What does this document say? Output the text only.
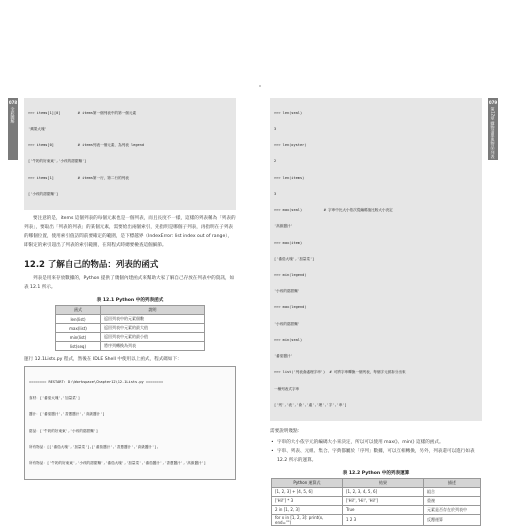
078
全彩圖解

	>>> items[1][0]        # items第一個列表中的第一個元素

'蘋果大塊'

>>> items[0]           # items列表一個元素，為列表 legend

['牛奶的好東東','小孩的甜甜麵']

>>> items[1]           # items第一行，第二行的列表

['小孩的甜甜麵']

要注意的是，items 這個列表的每個元素也是一個列表，而且長度不一樣，這樣的列表稱為「列表的列表」，要取出「列表的列表」的某個元素，需要給出兩個索引，先指明是哪個子列表，再指明在子列表的哪個位置，使用索引值訪問前要確定的範圍，是下標越界（IndexError: list index out of range），即限定的索引超出了列表的索引範圍，在寫程式時總要檢查這個細節。

12.2 了解自己的物品：列表的函式

列表是用來存放數據的，Python 提供了幾個內建函式來幫助大家了解自己存放在列表中的資訊，如表 12.1 所示。

表 12.1 Python 中的列表函式
函式	說明
len(list)	返回列表中的元素個數
max(list)	返回列表中元素的最大值
min(list)	返回列表中元素的最小值
list(seq)	將序列轉換為列表
運行 12.1Lists.py 程式，然後在 IDLE Shell 中使用以上函式，程式碼如下：

======== RESTART: D:\Workspace\Chapter12\12.1Lists.py ========

食材：['番茄大塊','加量菜']

醬汁：['番茄醬汁','香蔥醬汁','高級醬汁']

甜品：['牛奶的好東東','小孩的甜甜麵']

所有物品：[['番茄大塊','加量菜'],['番茄醬汁','香蔥醬汁','高級醬汁'],

所有物品：['牛奶的好東東','小孩的甜甜麵','番茄大塊','加量菜','番茄醬汁','香蔥醬汁','高級醬汁']

079
第12章 購物清單與物品 列表

>>> len(seal)

3

>>> len(oyster)

2

>>> len(items)

3

>>> max(seal)          # 字串中比大小依次從編碼值比較大小決定

'高級醬汁'

>>> max(item)

['番茄大塊','加量菜']

>>> min(legend)

'小孩的甜甜麵'

>>> max(legend)

'小孩的甜甜麵'

>>> min(seal)

'番茄醬汁'

>>> list('列表會處理字串')  # 可將字串轉換一個列表，每個字元被拆分出來

一種列表式字串

['列','表','會','處','理','字','串']

需要說明幾點：
• 字串的大小依字元的編碼大小來決定，所以可以使用 max()、min() 這樣的函式。
• 字串、列表、元組、集合、字典都屬於「序列」數據，可以互相轉換，另外，列表還可以進行如表 12.2 所示的運算。
表 12.2 Python 中的列表運算
Python 運算式	結果	描述
[1, 2, 3] + [4, 5, 6]	[1, 2, 3, 4, 5, 6]	組合
['Hi!'] * 3	['Hi!', 'Hi!', 'Hi!']	重複
2 in [1, 2, 3]	True	元素是否存在於列表中
for x in [1, 2, 3]: print(x, end="")	1 2 3	反覆運算
